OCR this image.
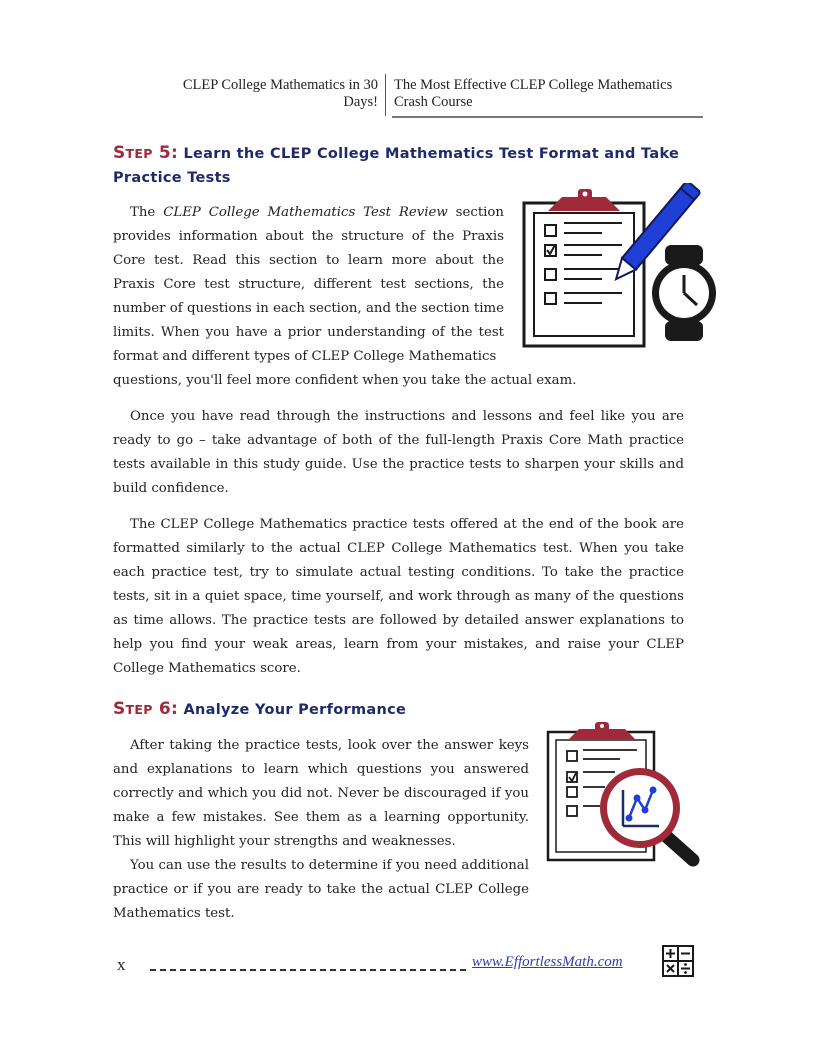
CLEP College Mathematics in 30
Days!
The Most Effective CLEP College Mathematics
Crash Course
STEP 5: Learn the CLEP College Mathematics Test Format and Take Practice Tests

The CLEP College Mathematics Test Review section provides information about the structure of the Praxis Core test. Read this section to learn more about the Praxis Core test structure, different test sections, the number of questions in each section, and the section time limits. When you have a prior understanding of the test format and different types of CLEP College Mathematics

questions, you'll feel more confident when you take the actual exam.

Once you have read through the instructions and lessons and feel like you are ready to go – take advantage of both of the full-length Praxis Core Math practice tests available in this study guide. Use the practice tests to sharpen your skills and build confidence.

The CLEP College Mathematics practice tests offered at the end of the book are formatted similarly to the actual CLEP College Mathematics test. When you take each practice test, try to simulate actual testing conditions. To take the practice tests, sit in a quiet space, time yourself, and work through as many of the questions as time allows. The practice tests are followed by detailed answer explanations to help you find your weak areas, learn from your mistakes, and raise your CLEP College Mathematics score.

STEP 6: Analyze Your Performance

After taking the practice tests, look over the answer keys and explanations to learn which questions you answered correctly and which you did not. Never be discouraged if you make a few mistakes. See them as a learning opportunity. This will highlight your strengths and weaknesses.

You can use the results to determine if you need additional practice or if you are ready to take the actual CLEP College Mathematics test.

x	www.EffortlessMath.com
